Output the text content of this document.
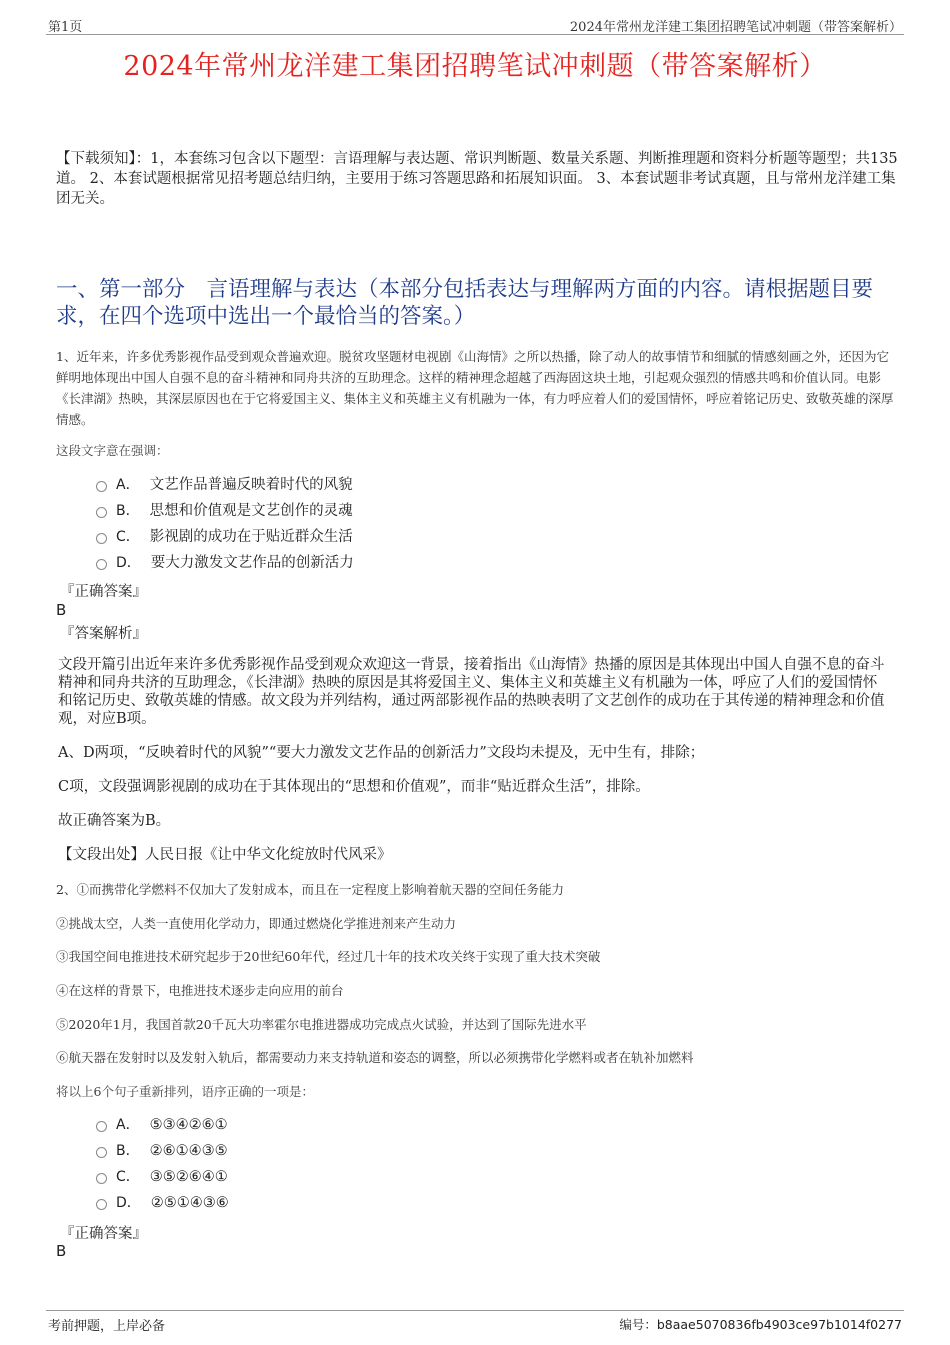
第1页	2024年常州龙洋建工集团招聘笔试冲刺题（带答案解析）
2024年常州龙洋建工集团招聘笔试冲刺题（带答案解析）
【下载须知】：1，本套练习包含以下题型：言语理解与表达题、常识判断题、数量关系题、判断推理题和资料分析题等题型；共135道。 2、本套试题根据常见招考题总结归纳，主要用于练习答题思路和拓展知识面。 3、本套试题非考试真题，且与常州龙洋建工集团无关。
一、第一部分　言语理解与表达（本部分包括表达与理解两方面的内容。请根据题目要求，在四个选项中选出一个最恰当的答案。）
1、近年来，许多优秀影视作品受到观众普遍欢迎。脱贫攻坚题材电视剧《山海情》之所以热播，除了动人的故事情节和细腻的情感刻画之外，还因为它鲜明地体现出中国人自强不息的奋斗精神和同舟共济的互助理念。这样的精神理念超越了西海固这块土地，引起观众强烈的情感共鸣和价值认同。电影《长津湖》热映，其深层原因也在于它将爱国主义、集体主义和英雄主义有机融为一体，有力呼应着人们的爱国情怀，呼应着铭记历史、致敬英雄的深厚情感。
这段文字意在强调：
A． 文艺作品普遍反映着时代的风貌
B． 思想和价值观是文艺创作的灵魂
C． 影视剧的成功在于贴近群众生活
D． 要大力激发文艺作品的创新活力
『正确答案』
B
『答案解析』
文段开篇引出近年来许多优秀影视作品受到观众欢迎这一背景，接着指出《山海情》热播的原因是其体现出中国人自强不息的奋斗精神和同舟共济的互助理念，《长津湖》热映的原因是其将爱国主义、集体主义和英雄主义有机融为一体，呼应了人们的爱国情怀和铭记历史、致敬英雄的情感。故文段为并列结构，通过两部影视作品的热映表明了文艺创作的成功在于其传递的精神理念和价值观，对应B项。
A、D两项，“反映着时代的风貌”“要大力激发文艺作品的创新活力”文段均未提及，无中生有，排除；
C项，文段强调影视剧的成功在于其体现出的“思想和价值观”，而非“贴近群众生活”，排除。
故正确答案为B。
【文段出处】人民日报《让中华文化绽放时代风采》
2、①而携带化学燃料不仅加大了发射成本，而且在一定程度上影响着航天器的空间任务能力
②挑战太空，人类一直使用化学动力，即通过燃烧化学推进剂来产生动力
③我国空间电推进技术研究起步于20世纪60年代，经过几十年的技术攻关终于实现了重大技术突破
④在这样的背景下，电推进技术逐步走向应用的前台
⑤2020年1月，我国首款20千瓦大功率霍尔电推进器成功完成点火试验，并达到了国际先进水平
⑥航天器在发射时以及发射入轨后，都需要动力来支持轨道和姿态的调整，所以必须携带化学燃料或者在轨补加燃料
将以上6个句子重新排列，语序正确的一项是：
A． ⑤③④②⑥①
B． ②⑥①④③⑤
C． ③⑤②⑥④①
D． ②⑤①④③⑥
『正确答案』
B
考前押题，上岸必备	编号：b8aae5070836fb4903ce97b1014f0277
